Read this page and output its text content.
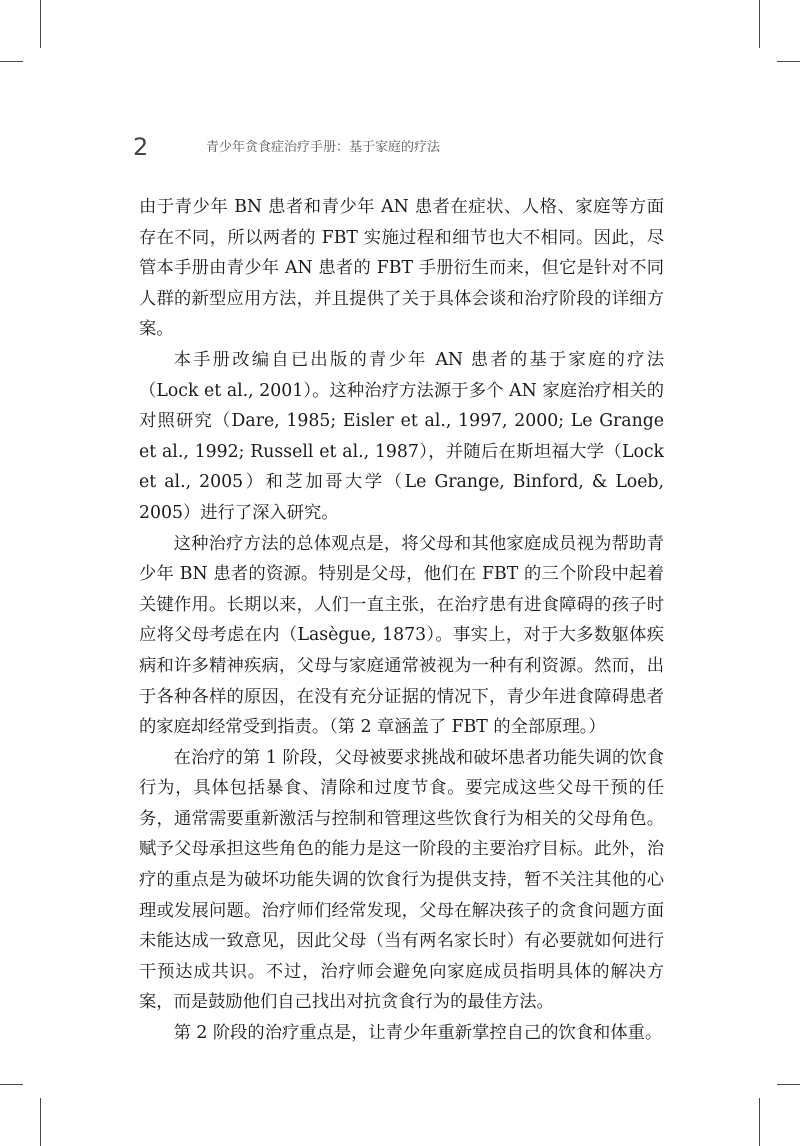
2	青少年贪食症治疗手册：基于家庭的疗法

由于青少年 BN 患者和青少年 AN 患者在症状、人格、家庭等方面存在不同，所以两者的 FBT 实施过程和细节也大不相同。因此，尽管本手册由青少年 AN 患者的 FBT 手册衍生而来，但它是针对不同人群的新型应用方法，并且提供了关于具体会谈和治疗阶段的详细方案。

本手册改编自已出版的青少年 AN 患者的基于家庭的疗法（Lock et al., 2001）。这种治疗方法源于多个 AN 家庭治疗相关的对照研究（Dare, 1985; Eisler et al., 1997, 2000; Le Grange et al., 1992; Russell et al., 1987），并随后在斯坦福大学（Lock et al., 2005）和芝加哥大学（Le Grange, Binford, & Loeb, 2005）进行了深入研究。

这种治疗方法的总体观点是，将父母和其他家庭成员视为帮助青少年 BN 患者的资源。特别是父母，他们在 FBT 的三个阶段中起着关键作用。长期以来，人们一直主张，在治疗患有进食障碍的孩子时应将父母考虑在内（Lasègue, 1873）。事实上，对于大多数躯体疾病和许多精神疾病，父母与家庭通常被视为一种有利资源。然而，出于各种各样的原因，在没有充分证据的情况下，青少年进食障碍患者的家庭却经常受到指责。（第 2 章涵盖了 FBT 的全部原理。）

在治疗的第 1 阶段，父母被要求挑战和破坏患者功能失调的饮食行为，具体包括暴食、清除和过度节食。要完成这些父母干预的任务，通常需要重新激活与控制和管理这些饮食行为相关的父母角色。赋予父母承担这些角色的能力是这一阶段的主要治疗目标。此外，治疗的重点是为破坏功能失调的饮食行为提供支持，暂不关注其他的心理或发展问题。治疗师们经常发现，父母在解决孩子的贪食问题方面未能达成一致意见，因此父母（当有两名家长时）有必要就如何进行干预达成共识。不过，治疗师会避免向家庭成员指明具体的解决方案，而是鼓励他们自己找出对抗贪食行为的最佳方法。

第 2 阶段的治疗重点是，让青少年重新掌控自己的饮食和体重。
